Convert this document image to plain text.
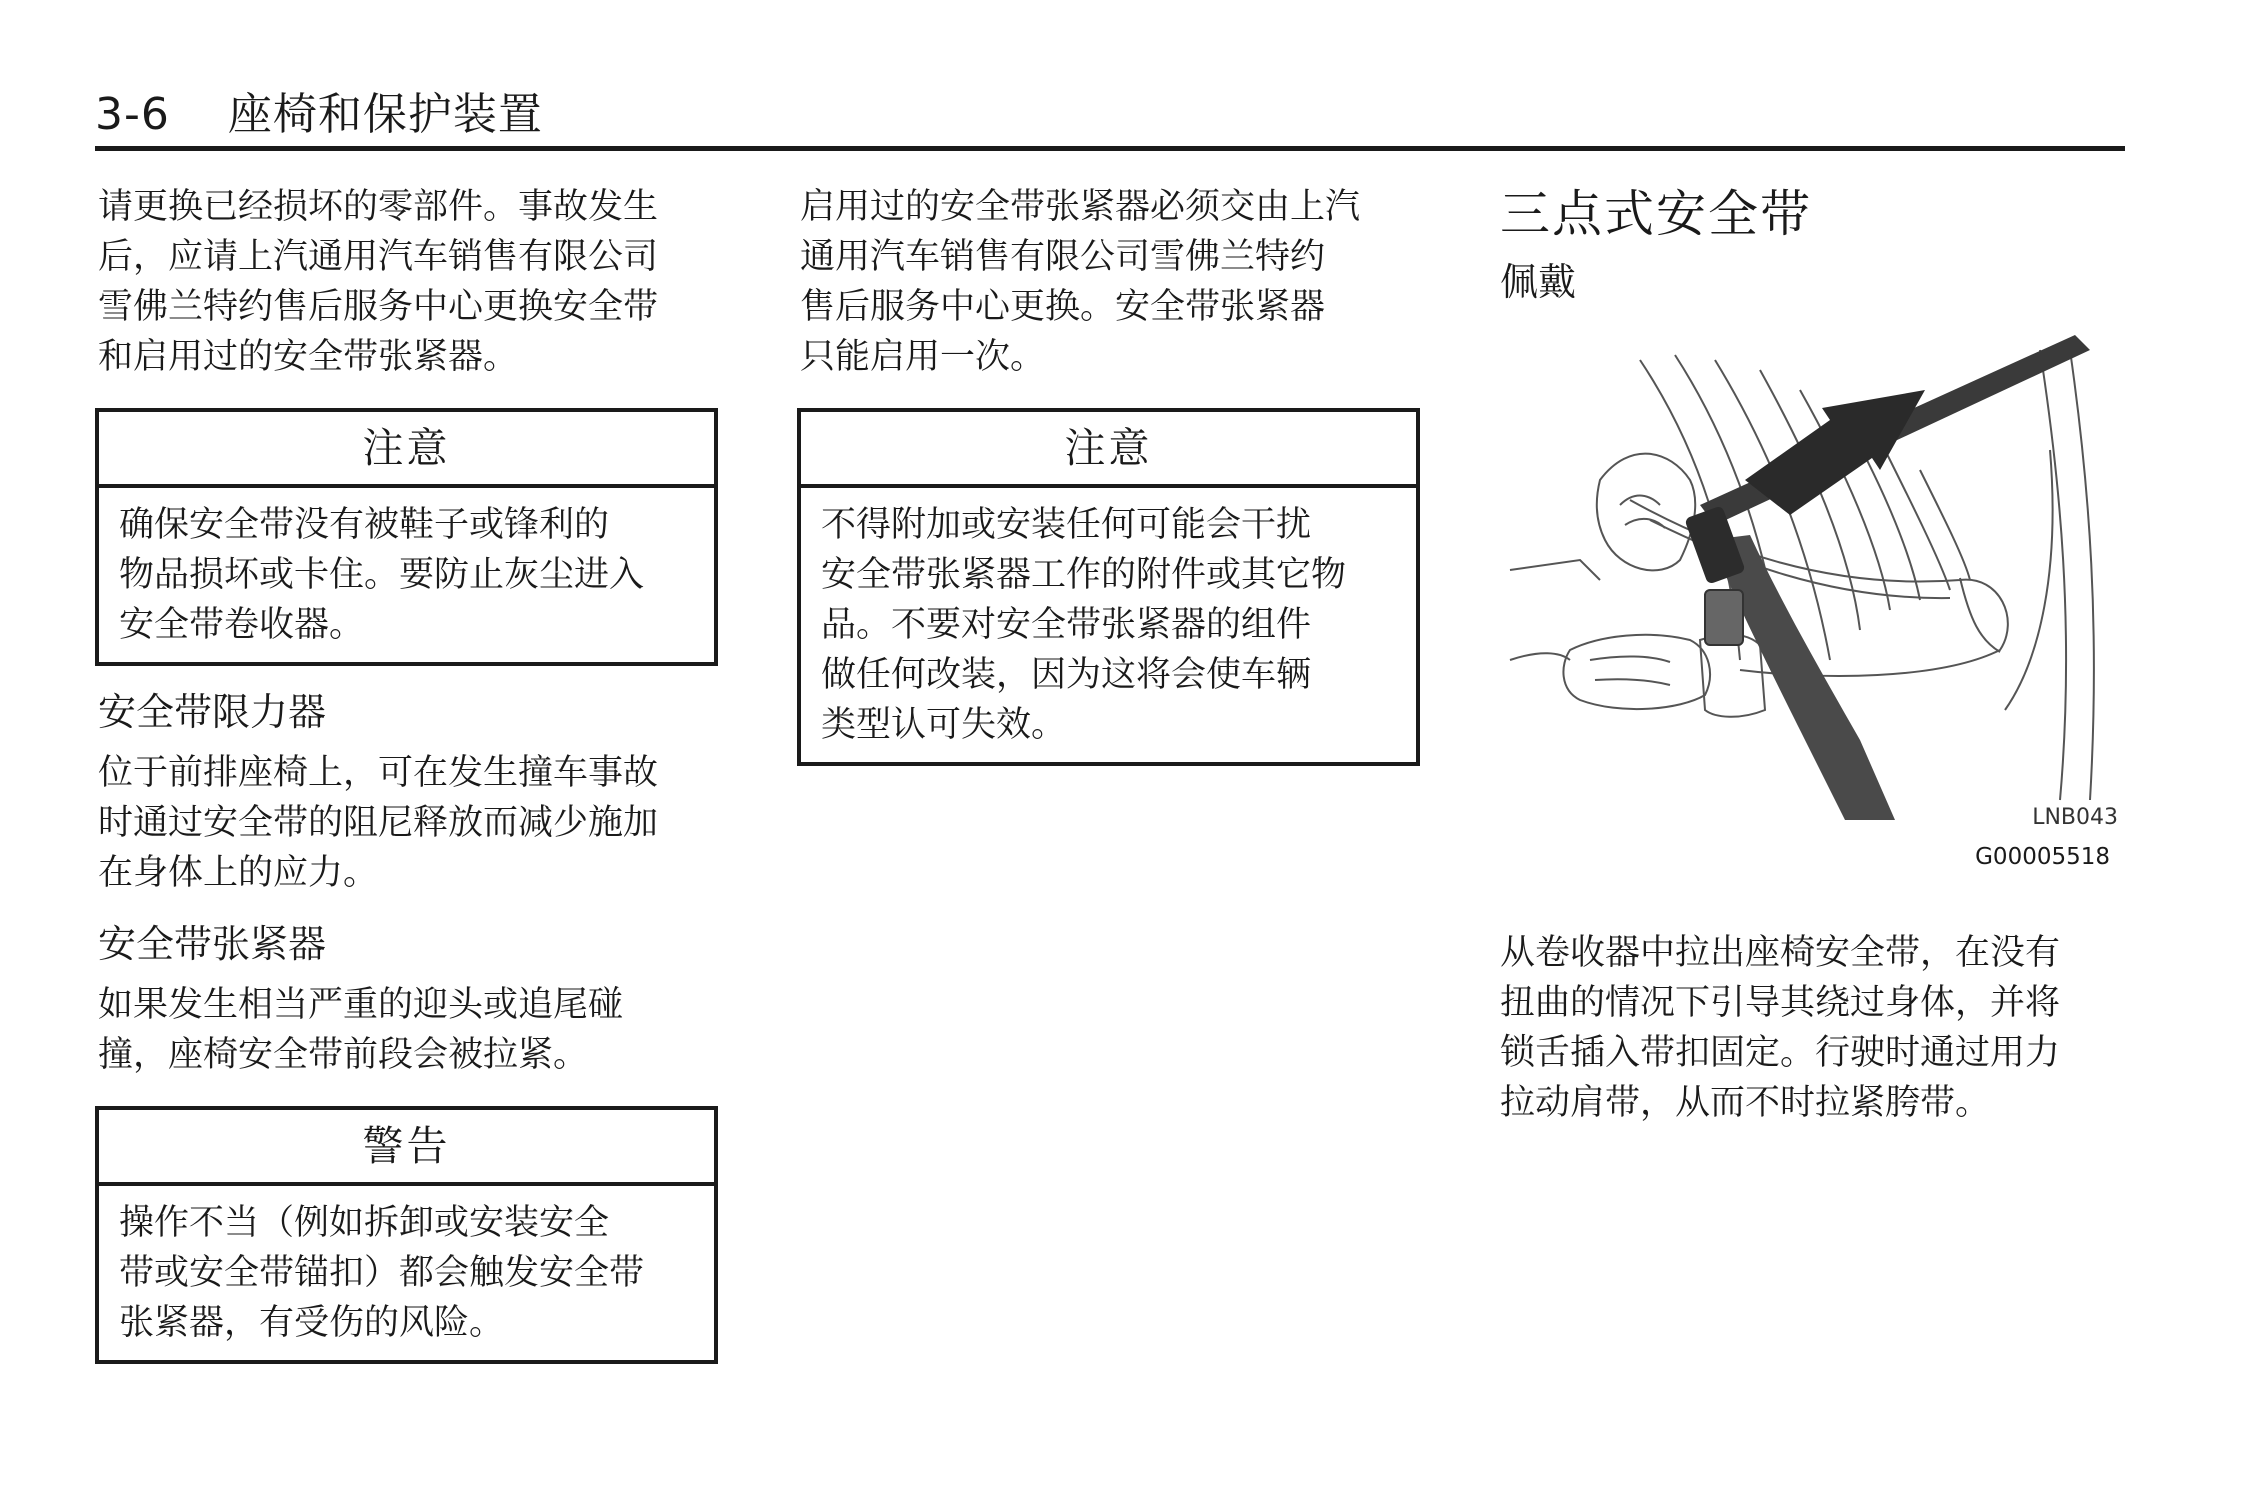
3-6 座椅和保护装置

请更换已经损坏的零部件。事故发生
后，应请上汽通用汽车销售有限公司
雪佛兰特约售后服务中心更换安全带
和启用过的安全带张紧器。

注意
确保安全带没有被鞋子或锋利的
物品损坏或卡住。要防止灰尘进入
安全带卷收器。
安全带限力器

位于前排座椅上，可在发生撞车事故
时通过安全带的阻尼释放而减少施加
在身体上的应力。

安全带张紧器

如果发生相当严重的迎头或追尾碰
撞，座椅安全带前段会被拉紧。

警告
操作不当（例如拆卸或安装安全
带或安全带锚扣）都会触发安全带
张紧器，有受伤的风险。

启用过的安全带张紧器必须交由上汽
通用汽车销售有限公司雪佛兰特约
售后服务中心更换。安全带张紧器
只能启用一次。

注意
不得附加或安装任何可能会干扰
安全带张紧器工作的附件或其它物
品。不要对安全带张紧器的组件
做任何改装，因为这将会使车辆
类型认可失效。
三点式安全带
佩戴
LNB043
G00005518

从卷收器中拉出座椅安全带，在没有
扭曲的情况下引导其绕过身体，并将
锁舌插入带扣固定。行驶时通过用力
拉动肩带，从而不时拉紧胯带。
